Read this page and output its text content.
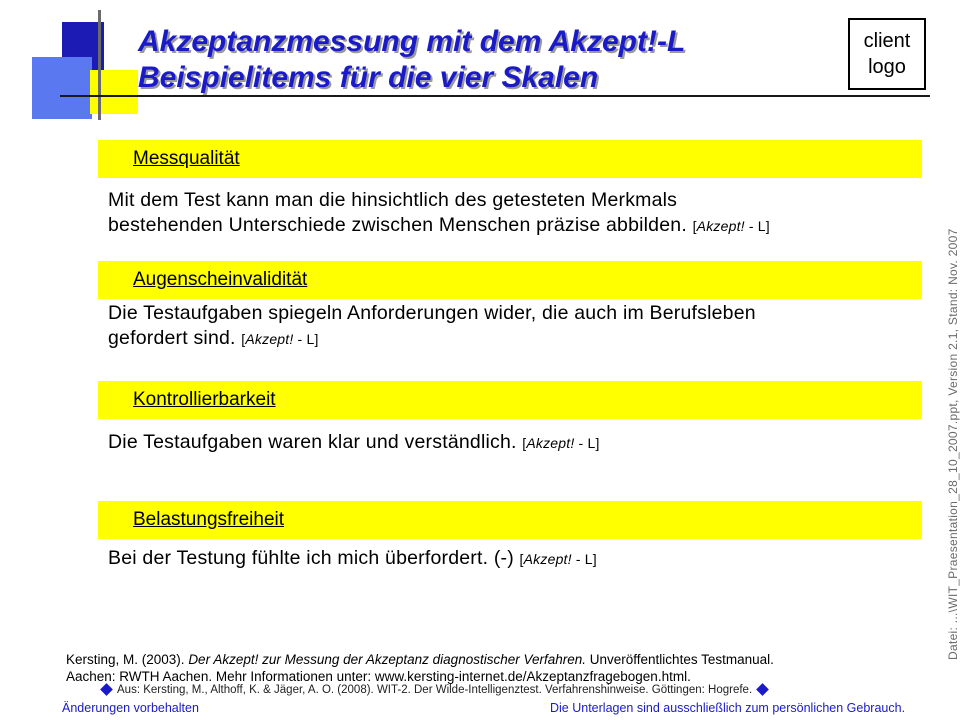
Akzeptanzmessung mit dem Akzept!-L
Beispielitems für die vier Skalen
client
logo
Datei: ...\WIT_Praesentation_28_10_2007.ppt, Version 2.1, Stand: Nov. 2007
Messqualität
Mit dem Test kann man die hinsichtlich des getesteten Merkmals
bestehenden Unterschiede zwischen Menschen präzise abbilden. [Akzept! - L]
Augenscheinvalidität
Die Testaufgaben spiegeln Anforderungen wider, die auch im Berufsleben
gefordert sind. [Akzept! - L]
Kontrollierbarkeit
Die Testaufgaben waren klar und verständlich. [Akzept! - L]
Belastungsfreiheit
Bei der Testung fühlte ich mich überfordert. (-) [Akzept! - L]
Kersting, M. (2003). Der Akzept! zur Messung der Akzeptanz diagnostischer Verfahren. Unveröffentlichtes Testmanual.
Aachen: RWTH Aachen. Mehr Informationen unter: www.kersting-internet.de/Akzeptanzfragebogen.html.
Aus: Kersting, M., Althoff, K. & Jäger, A. O. (2008). WIT-2. Der Wilde-Intelligenztest. Verfahrenshinweise. Göttingen: Hogrefe.
Änderungen vorbehalten	Die Unterlagen sind ausschließlich zum persönlichen Gebrauch.
